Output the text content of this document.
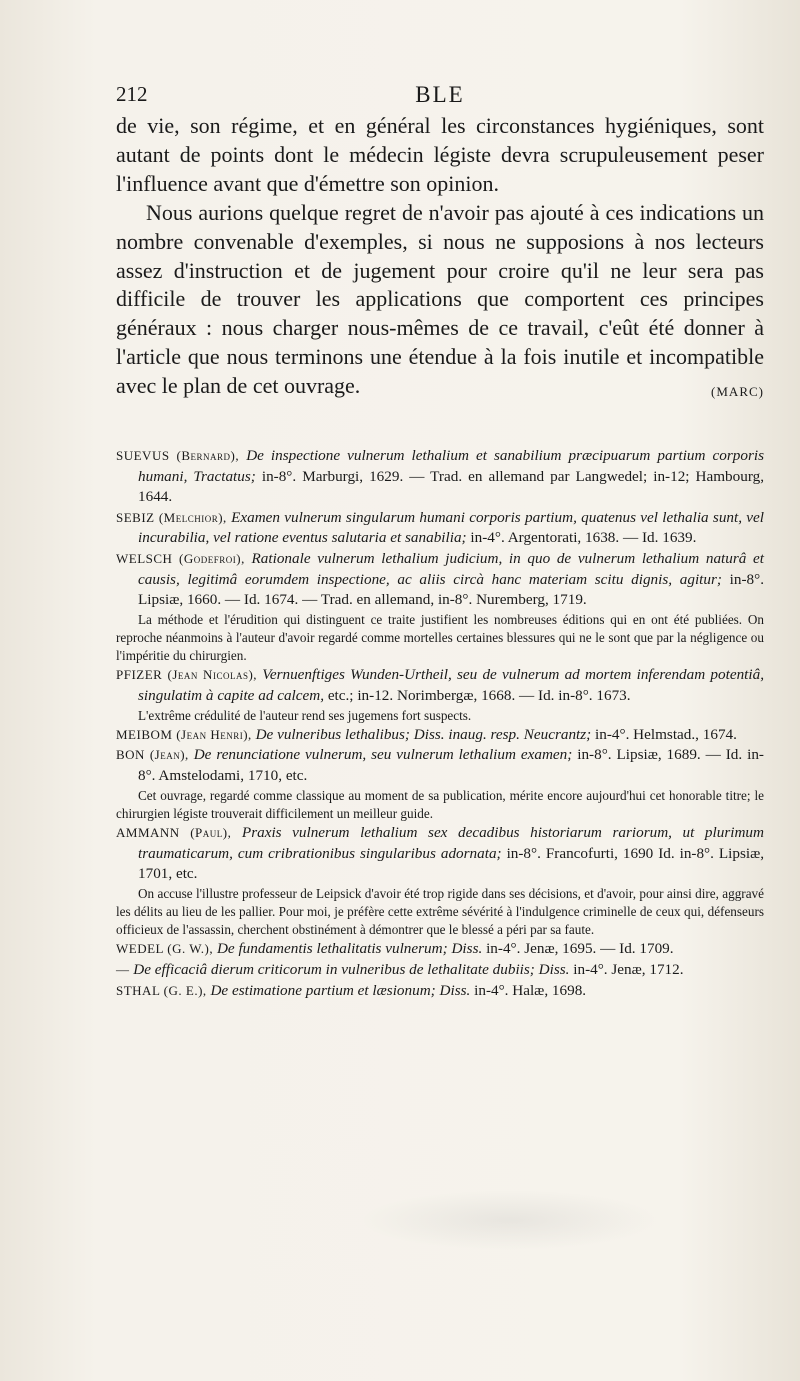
212	BLE

de vie, son régime, et en général les circonstances hygiéniques, sont autant de points dont le médecin légiste devra scrupuleusement peser l'influence avant que d'émettre son opinion.

Nous aurions quelque regret de n'avoir pas ajouté à ces indications un nombre convenable d'exemples, si nous ne supposions à nos lecteurs assez d'instruction et de jugement pour croire qu'il ne leur sera pas difficile de trouver les applications que comportent ces principes généraux : nous charger nous-mêmes de ce travail, c'eût été donner à l'article que nous terminons une étendue à la fois inutile et incompatible avec le plan de cet ouvrage.	(MARC)

SUEVUS (Bernard), De inspectione vulnerum lethalium et sanabilium præcipuarum partium corporis humani, Tractatus; in-8°. Marburgi, 1629. — Trad. en allemand par Langwedel; in-12; Hambourg, 1644.

SEBIZ (Melchior), Examen vulnerum singularum humani corporis partium, quatenus vel lethalia sunt, vel incurabilia, vel ratione eventus salutaria et sanabilia; in-4°. Argentorati, 1638. — Id. 1639.

WELSCH (Godefroi), Rationale vulnerum lethalium judicium, in quo de vulnerum lethalium naturâ et causis, legitimâ eorumdem inspectione, ac aliis circà hanc materiam scitu dignis, agitur; in-8°. Lipsiæ, 1660. — Id. 1674. — Trad. en allemand, in-8°. Nuremberg, 1719.

La méthode et l'érudition qui distinguent ce traite justifient les nombreuses éditions qui en ont été publiées. On reproche néanmoins à l'auteur d'avoir regardé comme mortelles certaines blessures qui ne le sont que par la négligence ou l'impéritie du chirurgien.

PFIZER (Jean Nicolas), Vernuenftiges Wunden-Urtheil, seu de vulnerum ad mortem inferendam potentiâ, singulatim à capite ad calcem, etc.; in-12. Norimbergæ, 1668. — Id. in-8°. 1673.

L'extrême crédulité de l'auteur rend ses jugemens fort suspects.

MEIBOM (Jean Henri), De vulneribus lethalibus; Diss. inaug. resp. Neucrantz; in-4°. Helmstad., 1674.

BON (Jean), De renunciatione vulnerum, seu vulnerum lethalium examen; in-8°. Lipsiæ, 1689. — Id. in-8°. Amstelodami, 1710, etc.

Cet ouvrage, regardé comme classique au moment de sa publication, mérite encore aujourd'hui cet honorable titre; le chirurgien légiste trouverait difficilement un meilleur guide.

AMMANN (Paul), Praxis vulnerum lethalium sex decadibus historiarum rariorum, ut plurimum traumaticarum, cum cribrationibus singularibus adornata; in-8°. Francofurti, 1690 Id. in-8°. Lipsiæ, 1701, etc.

On accuse l'illustre professeur de Leipsick d'avoir été trop rigide dans ses décisions, et d'avoir, pour ainsi dire, aggravé les délits au lieu de les pallier. Pour moi, je préfère cette extrême sévérité à l'indulgence criminelle de ceux qui, défenseurs officieux de l'assassin, cherchent obstinément à démontrer que le blessé a péri par sa faute.

WEDEL (G. W.), De fundamentis lethalitatis vulnerum; Diss. in-4°. Jenæ, 1695. — Id. 1709.

— De efficaciâ dierum criticorum in vulneribus de lethalitate dubiis; Diss. in-4°. Jenæ, 1712.

STHAL (G. E.), De estimatione partium et læsionum; Diss. in-4°. Halæ, 1698.
